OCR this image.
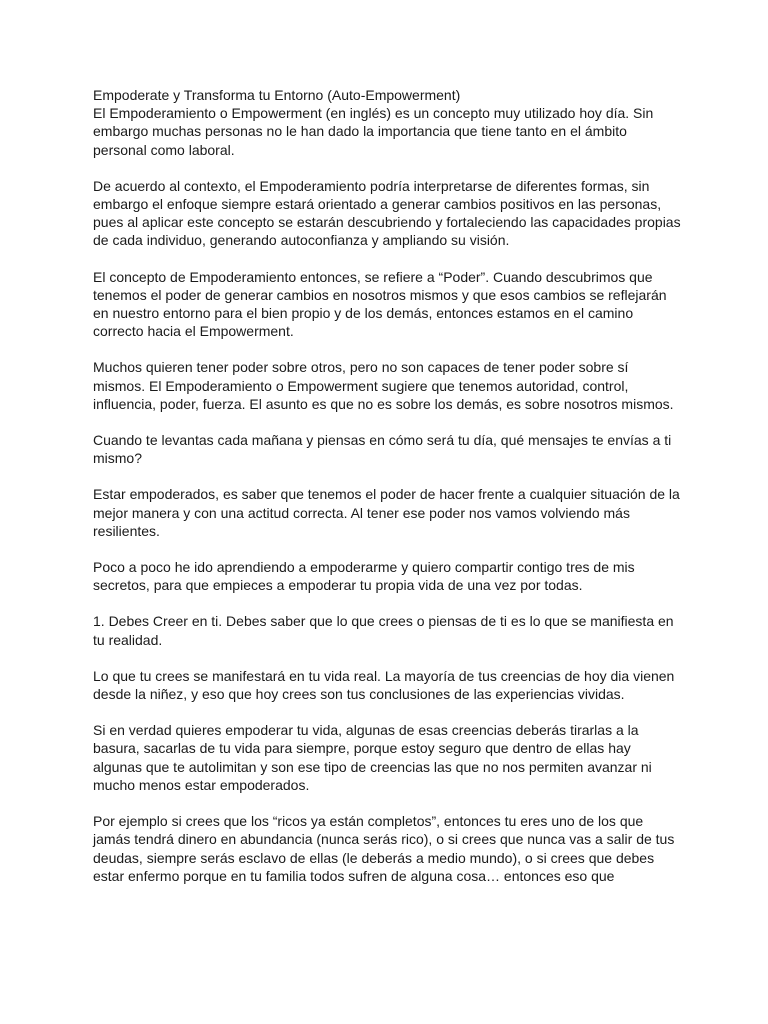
Empoderate y Transforma tu Entorno (Auto-Empowerment)
El Empoderamiento o Empowerment (en inglés) es un concepto muy utilizado hoy día. Sin embargo muchas personas no le han dado la importancia que tiene tanto en el ámbito personal como laboral.

De acuerdo al contexto, el Empoderamiento podría interpretarse de diferentes formas, sin embargo el enfoque siempre estará orientado a generar cambios positivos en las personas, pues al aplicar este concepto se estarán descubriendo y fortaleciendo las capacidades propias de cada individuo, generando autoconfianza y ampliando su visión.

El concepto de Empoderamiento entonces, se refiere a “Poder”. Cuando descubrimos que tenemos el poder de generar cambios en nosotros mismos y que esos cambios se reflejarán en nuestro entorno para el bien propio y de los demás, entonces estamos en el camino correcto hacia el Empowerment.

Muchos quieren tener poder sobre otros, pero no son capaces de tener poder sobre sí mismos. El Empoderamiento o Empowerment sugiere que tenemos autoridad, control, influencia, poder, fuerza. El asunto es que no es sobre los demás, es sobre nosotros mismos.

Cuando te levantas cada mañana y piensas en cómo será tu día, qué mensajes te envías a ti mismo?

Estar empoderados, es saber que tenemos el poder de hacer frente a cualquier situación de la mejor manera y con una actitud correcta. Al tener ese poder nos vamos volviendo más resilientes.

Poco a poco he ido aprendiendo a empoderarme y quiero compartir contigo tres de mis secretos, para que empieces a empoderar tu propia vida de una vez por todas.

1. Debes Creer en ti. Debes saber que lo que crees o piensas de ti es lo que se manifiesta en tu realidad.

Lo que tu crees se manifestará en tu vida real. La mayoría de tus creencias de hoy dia vienen desde la niñez, y eso que hoy crees son tus conclusiones de las experiencias vividas.

Si en verdad quieres empoderar tu vida, algunas de esas creencias deberás tirarlas a la basura, sacarlas de tu vida para siempre, porque estoy seguro que dentro de ellas hay algunas que te autolimitan y son ese tipo de creencias las que no nos permiten avanzar ni mucho menos estar empoderados.

Por ejemplo si crees que los “ricos ya están completos”, entonces tu eres uno de los que jamás tendrá dinero en abundancia (nunca serás rico), o si crees que nunca vas a salir de tus deudas, siempre serás esclavo de ellas (le deberás a medio mundo), o si crees que debes estar enfermo porque en tu familia todos sufren de alguna cosa… entonces eso que
